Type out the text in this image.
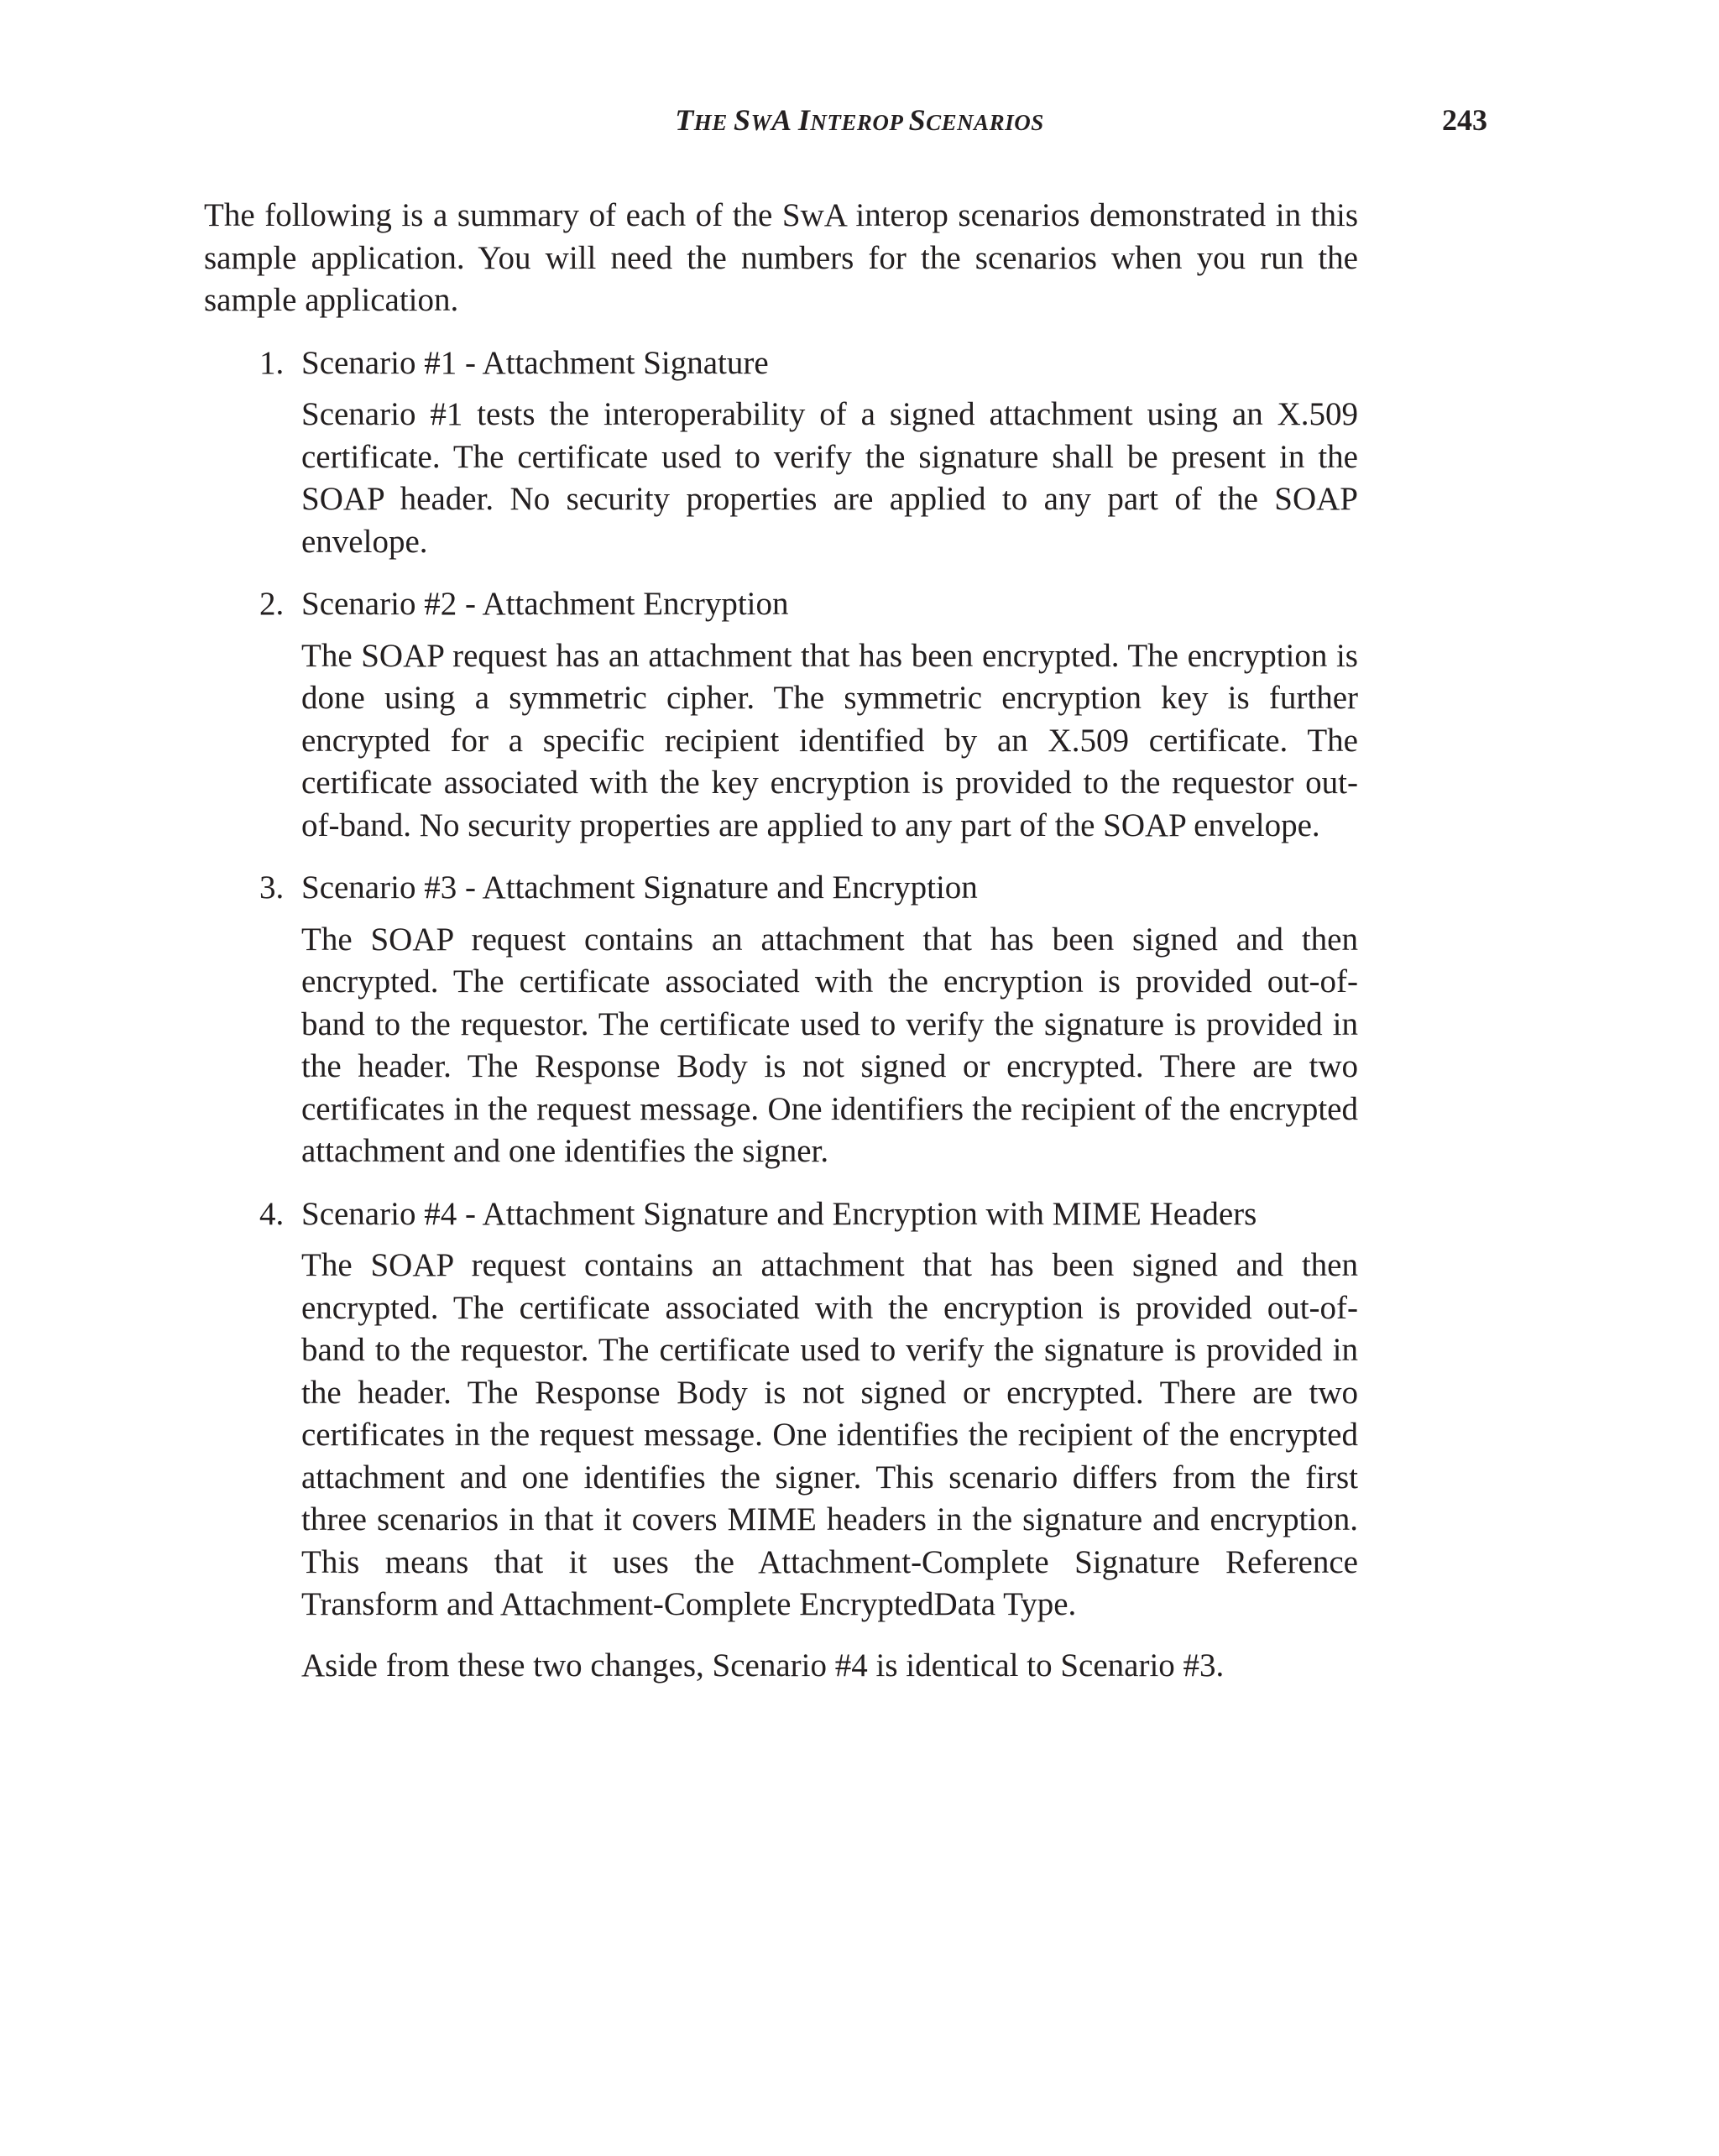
THE SWA INTEROP SCENARIOS	243

The following is a summary of each of the SwA interop scenarios demonstrated in this sample application. You will need the numbers for the scenarios when you run the sample application.

1. Scenario #1 - Attachment Signature

Scenario #1 tests the interoperability of a signed attachment using an X.509 certificate. The certificate used to verify the signature shall be present in the SOAP header. No security properties are applied to any part of the SOAP envelope.

2. Scenario #2 - Attachment Encryption

The SOAP request has an attachment that has been encrypted. The encryption is done using a symmetric cipher. The symmetric encryption key is further encrypted for a specific recipient identified by an X.509 certificate. The certificate associated with the key encryption is provided to the requestor out-of-band. No security properties are applied to any part of the SOAP envelope.

3. Scenario #3 - Attachment Signature and Encryption

The SOAP request contains an attachment that has been signed and then encrypted. The certificate associated with the encryption is provided out-of-band to the requestor. The certificate used to verify the signature is provided in the header. The Response Body is not signed or encrypted. There are two certificates in the request message. One identifiers the recipient of the encrypted attachment and one identifies the signer.

4. Scenario #4 - Attachment Signature and Encryption with MIME Headers

The SOAP request contains an attachment that has been signed and then encrypted. The certificate associated with the encryption is provided out-of-band to the requestor. The certificate used to verify the signature is provided in the header. The Response Body is not signed or encrypted. There are two certificates in the request message. One identifies the recipient of the encrypted attachment and one identifies the signer. This scenario differs from the first three scenarios in that it covers MIME headers in the signature and encryption. This means that it uses the Attachment-Complete Signature Reference Transform and Attachment-Complete EncryptedData Type.

Aside from these two changes, Scenario #4 is identical to Scenario #3.
